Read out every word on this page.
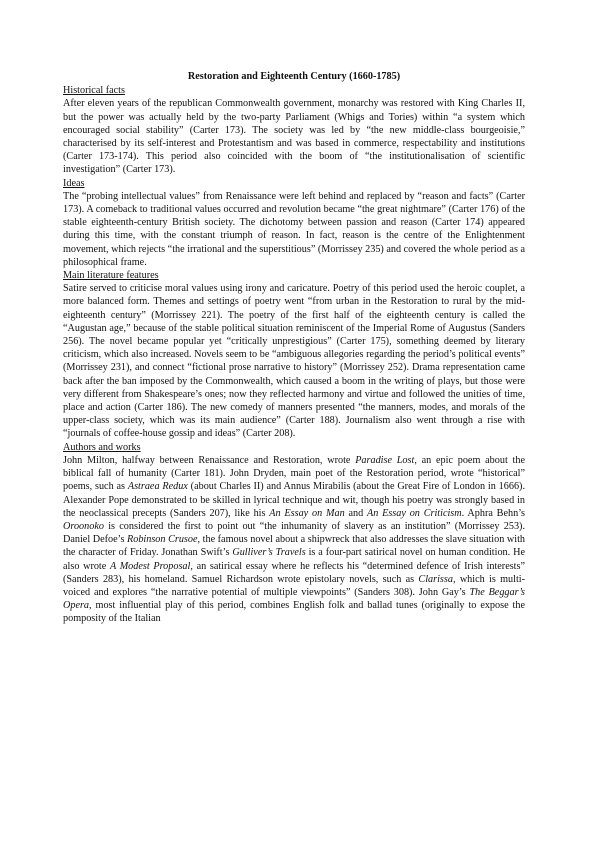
Restoration and Eighteenth Century (1660-1785)
Historical facts

After eleven years of the republican Commonwealth government, monarchy was restored with King Charles II, but the power was actually held by the two-party Parliament (Whigs and Tories) within “a system which encouraged social stability” (Carter 173). The society was led by “the new middle-class bourgeoisie,” characterised by its self-interest and Protestantism and was based in commerce, respectability and institutions (Carter 173-174). This period also coincided with the boom of “the institutionalisation of scientific investigation” (Carter 173).

Ideas

The “probing intellectual values” from Renaissance were left behind and replaced by “reason and facts” (Carter 173). A comeback to traditional values occurred and revolution became “the great nightmare” (Carter 176) of the stable eighteenth-century British society. The dichotomy between passion and reason (Carter 174) appeared during this time, with the constant triumph of reason. In fact, reason is the centre of the Enlightenment movement, which rejects “the irrational and the superstitious” (Morrissey 235) and covered the whole period as a philosophical frame.

Main literature features

Satire served to criticise moral values using irony and caricature. Poetry of this period used the heroic couplet, a more balanced form. Themes and settings of poetry went “from urban in the Restoration to rural by the mid-eighteenth century” (Morrissey 221). The poetry of the first half of the eighteenth century is called the “Augustan age,” because of the stable political situation reminiscent of the Imperial Rome of Augustus (Sanders 256). The novel became popular yet “critically unprestigious” (Carter 175), something deemed by literary criticism, which also increased. Novels seem to be “ambiguous allegories regarding the period’s political events” (Morrissey 231), and connect “fictional prose narrative to history” (Morrissey 252). Drama representation came back after the ban imposed by the Commonwealth, which caused a boom in the writing of plays, but those were very different from Shakespeare’s ones; now they reflected harmony and virtue and followed the unities of time, place and action (Carter 186). The new comedy of manners presented “the manners, modes, and morals of the upper-class society, which was its main audience” (Carter 188). Journalism also went through a rise with “journals of coffee-house gossip and ideas” (Carter 208).

Authors and works

John Milton, halfway between Renaissance and Restoration, wrote Paradise Lost, an epic poem about the biblical fall of humanity (Carter 181). John Dryden, main poet of the Restoration period, wrote “historical” poems, such as Astraea Redux (about Charles II) and Annus Mirabilis (about the Great Fire of London in 1666). Alexander Pope demonstrated to be skilled in lyrical technique and wit, though his poetry was strongly based in the neoclassical precepts (Sanders 207), like his An Essay on Man and An Essay on Criticism. Aphra Behn’s Oroonoko is considered the first to point out “the inhumanity of slavery as an institution” (Morrissey 253). Daniel Defoe’s Robinson Crusoe, the famous novel about a shipwreck that also addresses the slave situation with the character of Friday. Jonathan Swift’s Gulliver’s Travels is a four-part satirical novel on human condition. He also wrote A Modest Proposal, an satirical essay where he reflects his “determined defence of Irish interests” (Sanders 283), his homeland. Samuel Richardson wrote epistolary novels, such as Clarissa, which is multi-voiced and explores “the narrative potential of multiple viewpoints” (Sanders 308). John Gay’s The Beggar’s Opera, most influential play of this period, combines English folk and ballad tunes (originally to expose the pomposity of the Italian
